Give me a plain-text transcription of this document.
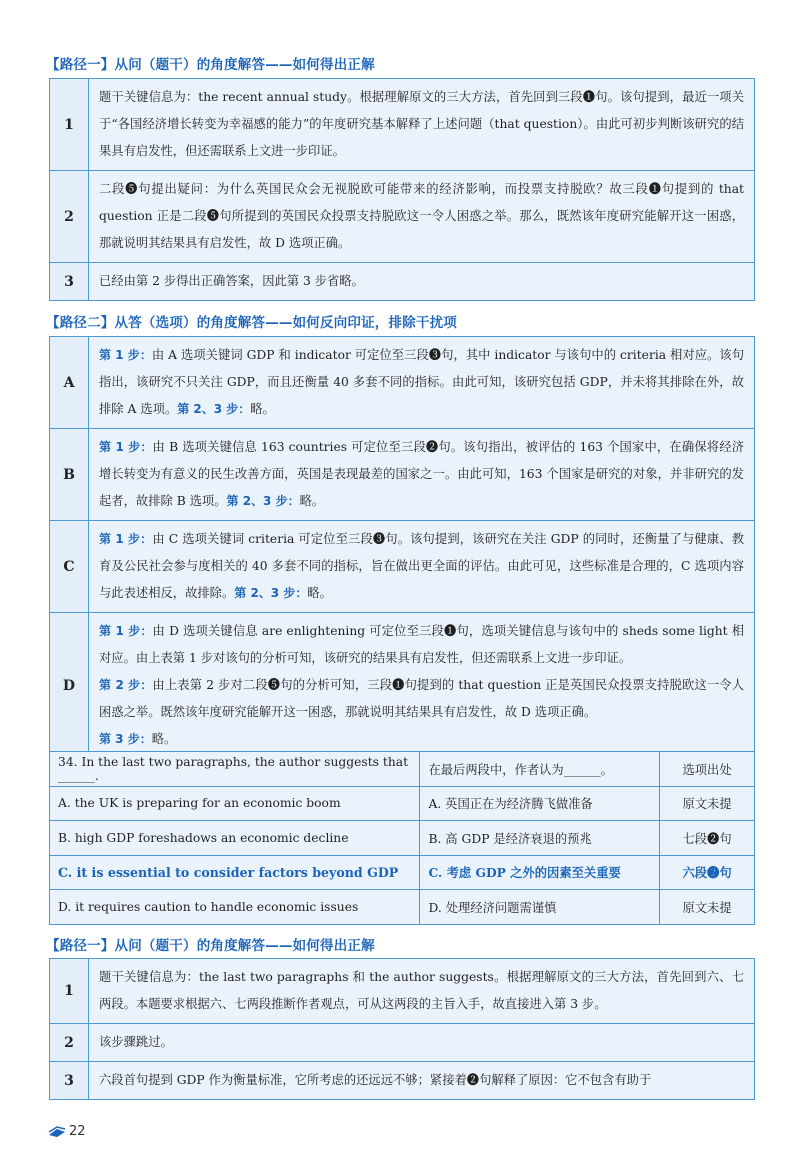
【路径一】从问（题干）的角度解答——如何得出正解
1	题干关键信息为：the recent annual study。根据理解原文的三大方法，首先回到三段❶句。该句提到，最近一项关于“各国经济增长转变为幸福感的能力”的年度研究基本解释了上述问题（that question）。由此可初步判断该研究的结果具有启发性，但还需联系上文进一步印证。
2	二段❺句提出疑问：为什么英国民众会无视脱欧可能带来的经济影响，而投票支持脱欧？故三段❶句提到的 that question 正是二段❺句所提到的英国民众投票支持脱欧这一令人困惑之举。那么，既然该年度研究能解开这一困惑，那就说明其结果具有启发性，故 D 选项正确。
3	已经由第 2 步得出正确答案，因此第 3 步省略。
【路径二】从答（选项）的角度解答——如何反向印证，排除干扰项
A	第 1 步：由 A 选项关键词 GDP 和 indicator 可定位至三段❸句，其中 indicator 与该句中的 criteria 相对应。该句指出，该研究不只关注 GDP，而且还衡量 40 多套不同的指标。由此可知，该研究包括 GDP，并未将其排除在外，故排除 A 选项。第 2、3 步：略。
B	第 1 步：由 B 选项关键信息 163 countries 可定位至三段❷句。该句指出，被评估的 163 个国家中，在确保将经济增长转变为有意义的民生改善方面，英国是表现最差的国家之一。由此可知，163 个国家是研究的对象，并非研究的发起者，故排除 B 选项。第 2、3 步：略。
C	第 1 步：由 C 选项关键词 criteria 可定位至三段❸句。该句提到，该研究在关注 GDP 的同时，还衡量了与健康、教育及公民社会参与度相关的 40 多套不同的指标，旨在做出更全面的评估。由此可见，这些标准是合理的，C 选项内容与此表述相反，故排除。第 2、3 步：略。
D	第 1 步：由 D 选项关键信息 are enlightening 可定位至三段❶句，选项关键信息与该句中的 sheds some light 相对应。由上表第 1 步对该句的分析可知，该研究的结果具有启发性，但还需联系上文进一步印证。
第 2 步：由上表第 2 步对二段❺句的分析可知，三段❶句提到的 that question 正是英国民众投票支持脱欧这一令人困惑之举。既然该年度研究能解开这一困惑，那就说明其结果具有启发性，故 D 选项正确。
第 3 步：略。
34. In the last two paragraphs, the author suggests that ______.	在最后两段中，作者认为______。	选项出处
A. the UK is preparing for an economic boom	A. 英国正在为经济腾飞做准备	原文未提
B. high GDP foreshadows an economic decline	B. 高 GDP 是经济衰退的预兆	七段❷句
C. it is essential to consider factors beyond GDP	C. 考虑 GDP 之外的因素至关重要	六段❷句
D. it requires caution to handle economic issues	D. 处理经济问题需谨慎	原文未提
【路径一】从问（题干）的角度解答——如何得出正解
1	题干关键信息为：the last two paragraphs 和 the author suggests。根据理解原文的三大方法，首先回到六、七两段。本题要求根据六、七两段推断作者观点，可从这两段的主旨入手，故直接进入第 3 步。
2	该步骤跳过。
3	六段首句提到 GDP 作为衡量标准，它所考虑的还远远不够；紧接着❷句解释了原因：它不包含有助于
22
